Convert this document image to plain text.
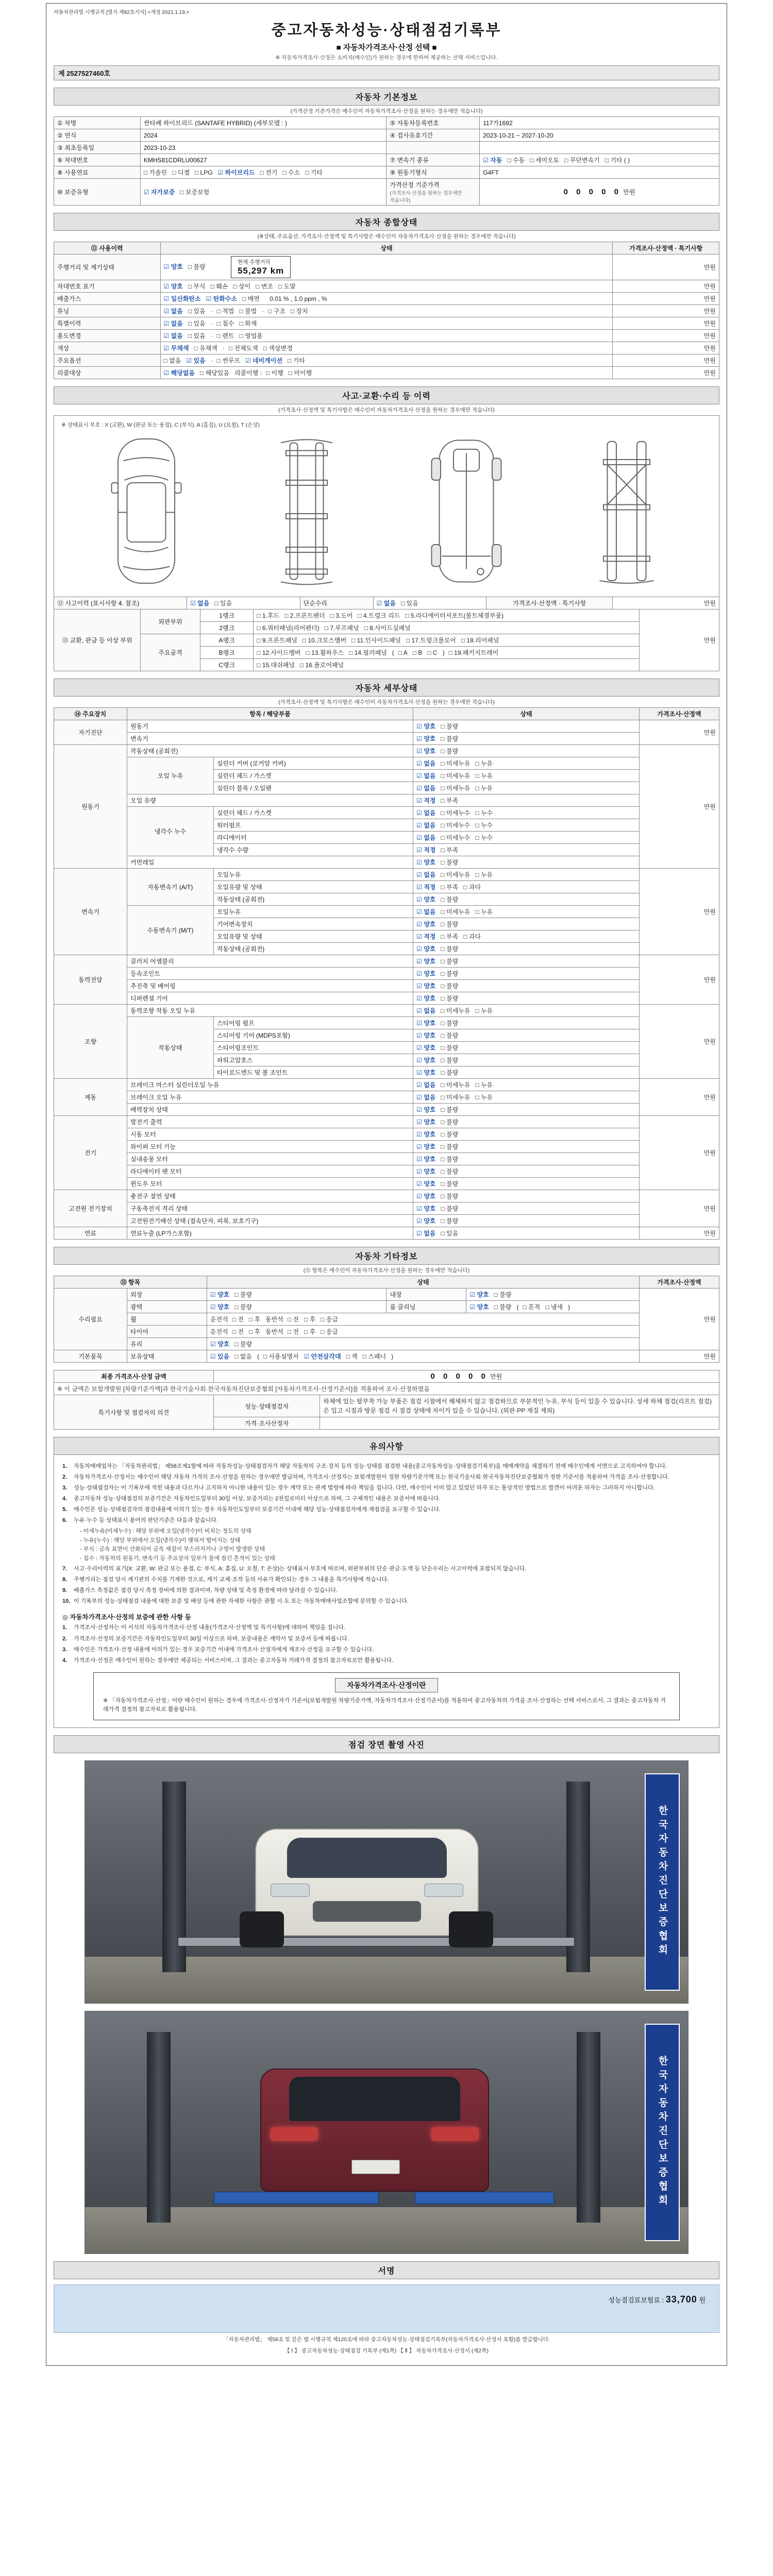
자동차관리법 시행규칙 [별지 제82호서식] <개정 2021.1.19.>
중고자동차성능·상태점검기록부
■ 자동차가격조사·산정 선택 ■
※ 자동차가격조사·산정은 소비자(매수인)가 원하는 경우에 한하여 제공하는 선택 서비스입니다.
제 2527527460호
자동차 기본정보
(가격산정 기준가격은 매수인이 자동차가격조사·산정을 원하는 경우에만 적습니다)
① 차명	싼타페 하이브리드 (SANTAFE HYBRID) (세부모델 : )	⑤ 자동차등록번호	117가1692
② 연식	2024	④ 검사유효기간	2023-10-21 ~ 2027-10-20
③ 최초등록일	2023-10-23		
⑥ 차대번호	KMHS81CDRLU00627	⑦ 변속기 종류	☑ 자동 □ 수동 □ 세미오토 □ 무단변속기 □ 기타 ( )
⑧ 사용연료	□ 가솔린 □ 디젤 □ LPG ☑ 하이브리드 □ 전기 □ 수소 □ 기타	⑨ 원동기형식	G4FT
⑩ 보증유형	☑ 자가보증 □ 보증보험	가격산정 기준가격
(가격조사·산정을 원하는 경우에만 적습니다)	0 0 0 0 0 만원
자동차 종합상태
(※상태, 주요옵션, 가격조사·산정액 및 특기사항은 매수인이 자동차가격조사·산정을 원하는 경우에만 적습니다)
⑪ 사용이력	상태	가격조사·산정액 · 특기사항
주행거리 및 계기상태	☑ 양호 □ 불량
현재 주행거리
55,297 km	만원
차대번호 표기	☑ 양호 □ 부식 □ 훼손 □ 상이 □ 변조 □ 도말	만원
배출가스	☑ 일산화탄소 ☑ 탄화수소 □ 매연 0.01 % , 1.0 ppm , %	만원
튜닝	☑ 없음 □ 있음 · □ 적법 □ 불법 · □ 구조 □ 장치	만원
특별이력	☑ 없음 □ 있음 · □ 침수 □ 화재	만원
용도변경	☑ 없음 □ 있음 · □ 렌트 □ 영업용	만원
색상	☑ 무채색 □ 유채색 · □ 전체도색 □ 색상변경	만원
주요옵션	□ 없음 ☑ 있음 · □ 썬루프 ☑ 네비게이션 □ 기타	만원
리콜대상	☑ 해당없음 □ 해당있음 리콜이행 : □ 이행 □ 미이행	만원
사고·교환·수리 등 이력
(가격조사·산정액 및 특기사항은 매수인이 자동차가격조사·산정을 원하는 경우에만 적습니다)
※ 상태표시 부호 : X (교환), W (판금 또는 용접), C (부식), A (흠집), U (요철), T (손상)
⑫ 사고이력 (표시사항 4. 참조)	☑ 없음 □ 있음	단순수리	☑ 없음 □ 있음	가격조사·산정액 · 특기사항	만원
⑬ 교환, 판금 등 이상 부위	외판부위	1랭크	□ 1.후드 □ 2.프론트펜더 □ 3.도어 □ 4.트렁크 리드 □ 5.라디에이터서포트(볼트체결부품)	만원
		2랭크	□ 6.쿼터패널(리어펜더) □ 7.루프패널 □ 8.사이드실패널	
	주요골격	A랭크	□ 9.프론트패널 □ 10.크로스멤버 □ 11.인사이드패널 □ 17.트렁크플로어 □ 18.리어패널	
		B랭크	□ 12.사이드멤버 □ 13.휠하우스 □ 14.필러패널 ( □ A □ B □ C ) □ 19.패키지트레이	
		C랭크	□ 15.대쉬패널 □ 16.플로어패널	
자동차 세부상태
(가격조사·산정액 및 특기사항은 매수인이 자동차가격조사·산정을 원하는 경우에만 적습니다)
⑭ 주요장치	항목 / 해당부품		상태	가격조사·산정액
자기진단	원동기		☑ 양호 □ 불량	만원
	변속기		☑ 양호 □ 불량	
원동기	작동상태 (공회전)		☑ 양호 □ 불량	만원
	오일 누유	실린더 커버 (로커암 커버)	☑ 없음 □ 미세누유 □ 누유	
		실린더 헤드 / 가스켓	☑ 없음 □ 미세누유 □ 누유	
		실린더 블록 / 오일팬	☑ 없음 □ 미세누유 □ 누유	
	오일 유량		☑ 적정 □ 부족	
	냉각수 누수	실린더 헤드 / 가스켓	☑ 없음 □ 미세누수 □ 누수	
		워터펌프	☑ 없음 □ 미세누수 □ 누수	
		라디에이터	☑ 없음 □ 미세누수 □ 누수	
		냉각수 수량	☑ 적정 □ 부족	
	커먼레일		☑ 양호 □ 불량	
변속기	자동변속기 (A/T)	오일누유	☑ 없음 □ 미세누유 □ 누유	만원
		오일유량 및 상태	☑ 적정 □ 부족 □ 과다	
		작동상태 (공회전)	☑ 양호 □ 불량	
	수동변속기 (M/T)	오일누유	☑ 없음 □ 미세누유 □ 누유	
		기어변속장치	☑ 양호 □ 불량	
		오일유량 및 상태	☑ 적정 □ 부족 □ 과다	
		작동상태 (공회전)	☑ 양호 □ 불량	
동력전달	클러치 어셈블리		☑ 양호 □ 불량	만원
	등속조인트		☑ 양호 □ 불량	
	추진축 및 베어링		☑ 양호 □ 불량	
	디퍼렌셜 기어		☑ 양호 □ 불량	
조향	동력조향 작동 오일 누유		☑ 없음 □ 미세누유 □ 누유	만원
	작동상태	스티어링 펌프	☑ 양호 □ 불량	
		스티어링 기어 (MDPS포함)	☑ 양호 □ 불량	
		스티어링조인트	☑ 양호 □ 불량	
		파워고압호스	☑ 양호 □ 불량	
		타이로드엔드 및 볼 조인트	☑ 양호 □ 불량	
제동	브레이크 마스터 실린더오일 누유		☑ 없음 □ 미세누유 □ 누유	만원
	브레이크 오일 누유		☑ 없음 □ 미세누유 □ 누유	
	배력장치 상태		☑ 양호 □ 불량	
전기	발전기 출력		☑ 양호 □ 불량	만원
	시동 모터		☑ 양호 □ 불량	
	와이퍼 모터 기능		☑ 양호 □ 불량	
	실내송풍 모터		☑ 양호 □ 불량	
	라디에이터 팬 모터		☑ 양호 □ 불량	
	윈도우 모터		☑ 양호 □ 불량	
고전원 전기장치	충전구 절연 상태		☑ 양호 □ 불량	만원
	구동축전지 격리 상태		☑ 양호 □ 불량	
	고전원전기배선 상태 (접속단자, 피복, 보호기구)		☑ 양호 □ 불량	
연료	연료누출 (LP가스포함)		☑ 없음 □ 있음	만원
자동차 기타정보
(⑮ 항목은 매수인이 자동차가격조사·산정을 원하는 경우에만 적습니다)
⑮ 항목		상태			가격조사·산정액
수리필요	외장	☑ 양호 □ 불량	내장	☑ 양호 □ 불량	만원
	광택	☑ 양호 □ 불량	룸 클리닝	☑ 양호 □ 불량 ( □ 흔적 □ 냄새 )	
	휠	운전석 □ 전 □ 후 동반석 □ 전 □ 후 □ 응급			
	타이어	운전석 □ 전 □ 후 동반석 □ 전 □ 후 □ 응급			
	유리	☑ 양호 □ 불량			
기본품목	보유상태	☑ 있음 □ 없음 ( □ 사용설명서 ☑ 안전삼각대 □ 잭 □ 스패너 )			만원
최종 가격조사·산정 금액	0 0 0 0 0 만원	
※ 이 금액은 보험개발원 [차량기준가액]과 한국기술사회·한국자동차진단보증협회 [자동차가격조사·산정기준서]를 적용하여 조사·산정하였음		
특기사항 및 점검자의 의견	성능·상태점검자	하체에 있는 탈부착 가능 부품은 점검 시점에서 해체하지 않고 점검하므로 부분적인 누유, 부식 등이 있을 수 있습니다. 상세 하체 점검(리프트 점검)은 입고 시점과 방문 점검 시 점검 상태에 차이가 있을 수 있습니다. (외판·PP 재질 제외)
	가격·조사산정자	
유의사항
1.	자동차매매업자는 「자동차관리법」 제58조제1항에 따라 자동차성능·상태점검자가 해당 자동차의 구조·장치 등의 성능·상태를 점검한 내용(중고자동차성능·상태점검기록부)을 매매계약을 체결하기 전에 매수인에게 서면으로 고지하여야 합니다.
2.	자동차가격조사·산정서는 매수인이 해당 자동차 가격의 조사·산정을 원하는 경우에만 발급하며, 가격조사·산정자는 보험개발원이 정한 차량기준가액 또는 한국기술사회·한국자동차진단보증협회가 정한 기준서를 적용하여 가격을 조사·산정합니다.
3.	성능·상태점검자는 이 기록부에 적힌 내용과 다르거나 고지하지 아니한 내용이 있는 경우 계약 또는 관계 법령에 따라 책임을 집니다. 다만, 매수인이 이미 알고 있었던 하자 또는 통상적인 방법으로 발견이 어려운 하자는 그러하지 아니합니다.
4.	중고자동차 성능·상태점검의 보증기간은 자동차인도일부터 30일 이상, 보증거리는 2천킬로미터 이상으로 하며, 그 구체적인 내용은 보증서에 따릅니다.
5.	매수인은 성능·상태점검자의 점검내용에 이의가 있는 경우 자동차인도일부터 보증기간 이내에 해당 성능·상태점검자에게 재점검을 요구할 수 있습니다.
6.	누유·누수 등 상태표시 용어의 판단기준은 다음과 같습니다.
- 미세누유(미세누수) : 해당 부위에 오일(냉각수)이 비치는 정도의 상태
- 누유(누수) : 해당 부위에서 오일(냉각수)이 맺혀서 떨어지는 상태
- 부식 : 금속 표면이 산화되어 금속 재질이 부스러지거나 구멍이 발생한 상태
- 침수 : 자동차의 원동기, 변속기 등 주요장치 일부가 물에 잠긴 흔적이 있는 상태
7.	사고·수리이력의 표기(X: 교환, W: 판금 또는 용접, C: 부식, A: 흠집, U: 요철, T: 손상)는 상태표시 부호에 따르며, 외판부위의 단순 판금·도색 등 단순수리는 사고이력에 포함되지 않습니다.
8.	주행거리는 점검 당시 계기판의 수치를 기재한 것으로, 계기 교체·조작 등의 사유가 확인되는 경우 그 내용을 특기사항에 적습니다.
9.	배출가스 측정값은 점검 당시 측정 장비에 의한 결과이며, 차량 상태 및 측정 환경에 따라 달라질 수 있습니다.
10. 이 기록부의 성능·상태점검 내용에 대한 보증 및 배상 등에 관한 자세한 사항은 관할 시·도 또는 자동차매매사업조합에 문의할 수 있습니다.
◎ 자동차가격조사·산정의 보증에 관한 사항 등
1.	가격조사·산정자는 이 서식의 자동차가격조사·산정 내용(가격조사·산정액 및 특기사항)에 대하여 책임을 집니다.
2.	가격조사·산정의 보증기간은 자동차인도일부터 30일 이상으로 하며, 보증내용은 계약서 및 보증서 등에 따릅니다.
3.	매수인은 가격조사·산정 내용에 이의가 있는 경우 보증기간 이내에 가격조사·산정자에게 재조사·산정을 요구할 수 있습니다.
4.	가격조사·산정은 매수인이 원하는 경우에만 제공되는 서비스이며, 그 결과는 중고자동차 거래가격 결정의 참고자료로만 활용됩니다.
자동차가격조사·산정이란
※ 「자동차가격조사·산정」이란 매수인이 원하는 경우에 가격조사·산정자가 기준서(보험개발원 차량기준가액, 자동차가격조사·산정기준서)를 적용하여 중고자동차의 가격을 조사·산정하는 선택 서비스로서, 그 결과는 중고자동차 거래가격 결정의 참고자료로 활용됩니다.
점검 장면 촬영 사진
한국자동차진단보증협회
한국자동차진단보증협회
서명
성능점검료보험료 : 33,700 원
「자동차관리법」 제58조 및 같은 법 시행규칙 제120조에 따라 중고자동차성능·상태점검기록부(자동차가격조사·산정서 포함)를 발급합니다.
【 Ⅰ 】 중고자동차성능·상태점검 기록부 (제1쪽) 【 Ⅱ 】 자동차가격조사·산정서 (제2쪽)
